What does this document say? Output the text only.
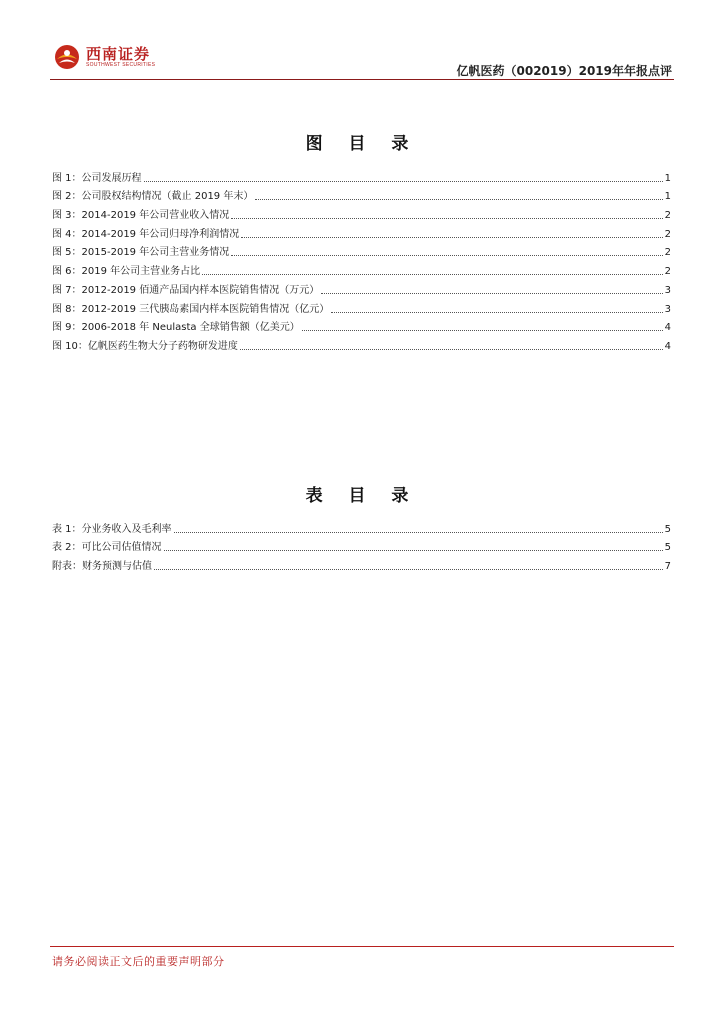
西南证券
SOUTHWEST SECURITIES	亿帆医药（002019）2019年年报点评
图 目 录
图 1：公司发展历程	1
图 2：公司股权结构情况（截止 2019 年末）	1
图 3：2014-2019 年公司营业收入情况	2
图 4：2014-2019 年公司归母净利润情况	2
图 5：2015-2019 年公司主营业务情况	2
图 6：2019 年公司主营业务占比	2
图 7：2012-2019 佰通产品国内样本医院销售情况（万元）	3
图 8：2012-2019 三代胰岛素国内样本医院销售情况（亿元）	3
图 9：2006-2018 年 Neulasta 全球销售额（亿美元）	4
图 10：亿帆医药生物大分子药物研发进度	4
表 目 录
表 1：分业务收入及毛利率	5
表 2：可比公司估值情况	5
附表：财务预测与估值	7
请务必阅读正文后的重要声明部分
